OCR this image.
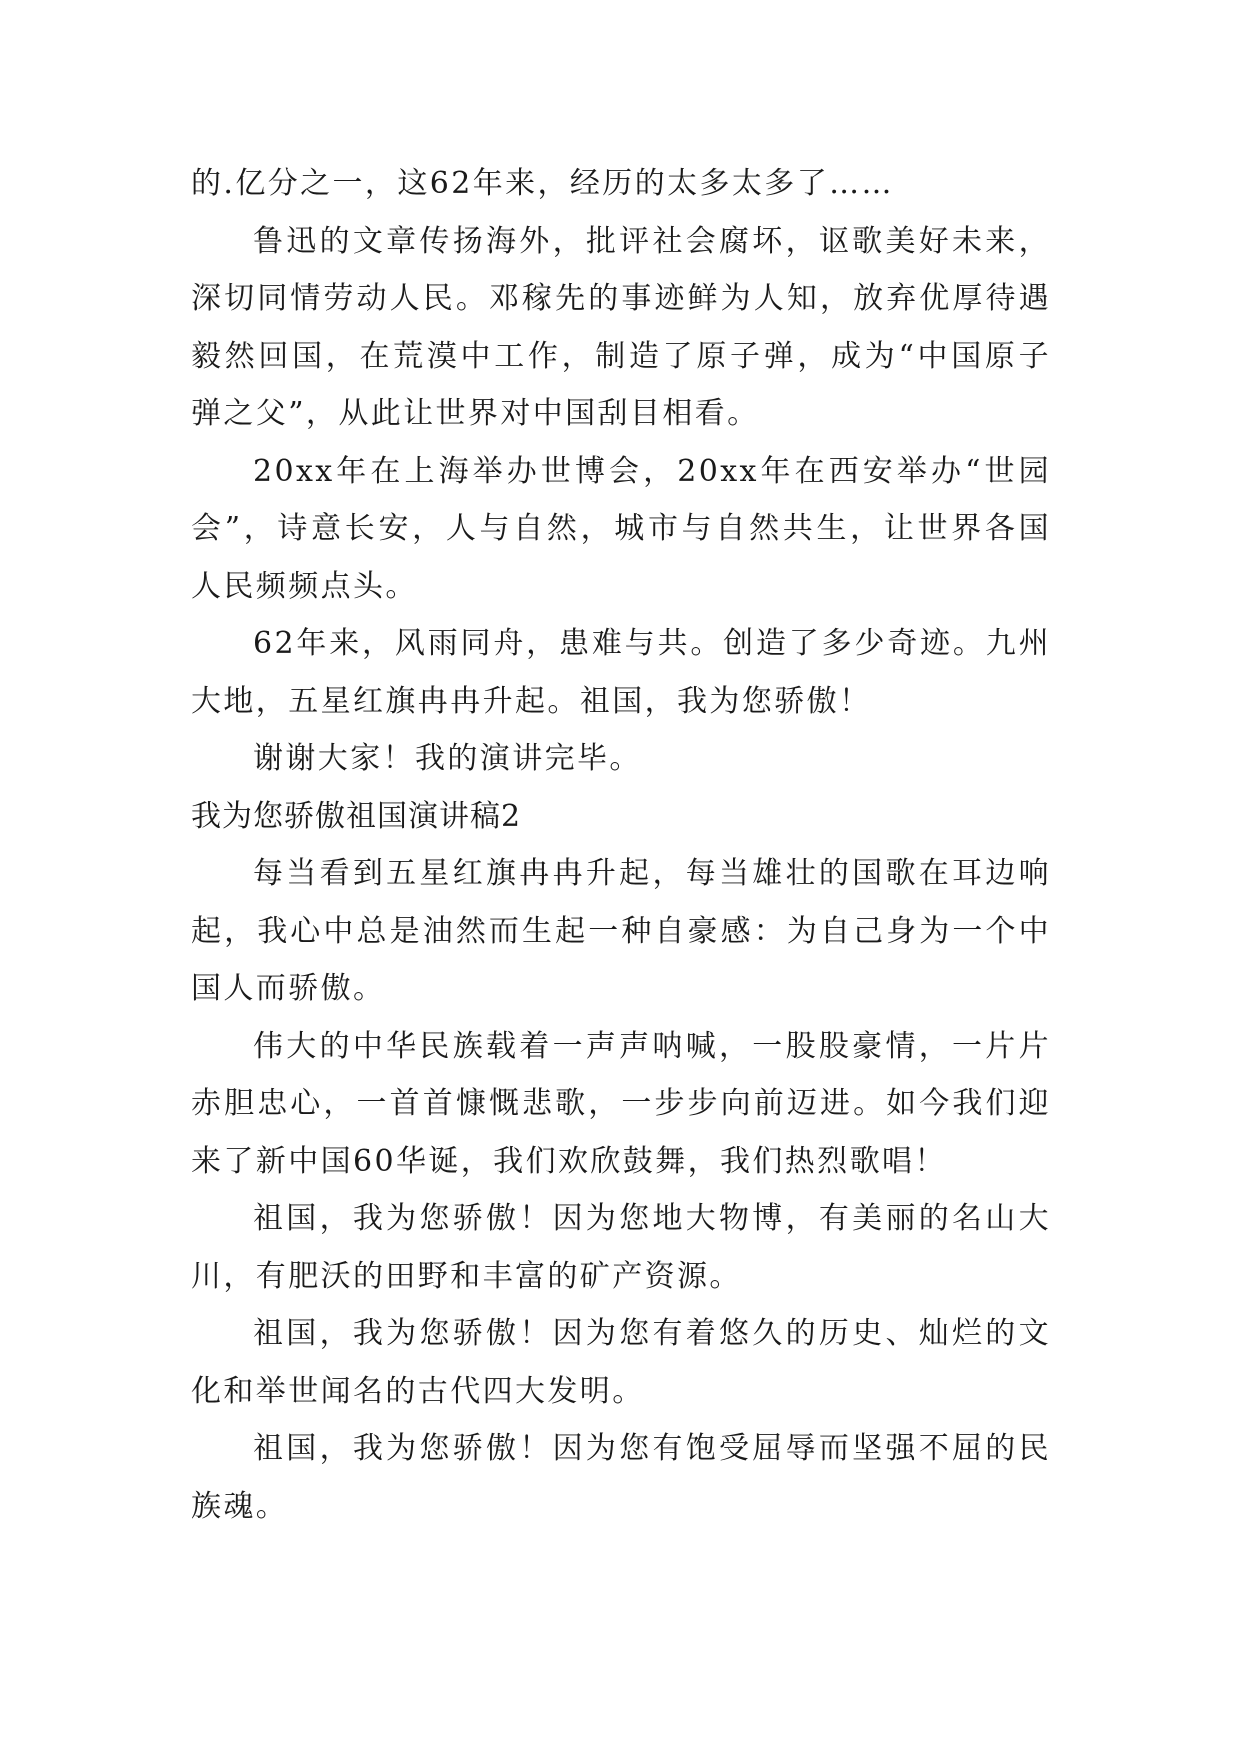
的.亿分之一，这62年来，经历的太多太多了……

鲁迅的文章传扬海外，批评社会腐坏，讴歌美好未来，深切同情劳动人民。邓稼先的事迹鲜为人知，放弃优厚待遇毅然回国，在荒漠中工作，制造了原子弹，成为“中国原子弹之父”，从此让世界对中国刮目相看。

20xx年在上海举办世博会，20xx年在西安举办“世园会”，诗意长安，人与自然，城市与自然共生，让世界各国人民频频点头。

62年来，风雨同舟，患难与共。创造了多少奇迹。九州大地，五星红旗冉冉升起。祖国，我为您骄傲！

谢谢大家！我的演讲完毕。

我为您骄傲祖国演讲稿2

每当看到五星红旗冉冉升起，每当雄壮的国歌在耳边响起，我心中总是油然而生起一种自豪感：为自己身为一个中国人而骄傲。

伟大的中华民族载着一声声呐喊，一股股豪情，一片片赤胆忠心，一首首慷慨悲歌，一步步向前迈进。如今我们迎来了新中国60华诞，我们欢欣鼓舞，我们热烈歌唱！

祖国，我为您骄傲！因为您地大物博，有美丽的名山大川，有肥沃的田野和丰富的矿产资源。

祖国，我为您骄傲！因为您有着悠久的历史、灿烂的文化和举世闻名的古代四大发明。

祖国，我为您骄傲！因为您有饱受屈辱而坚强不屈的民族魂。
